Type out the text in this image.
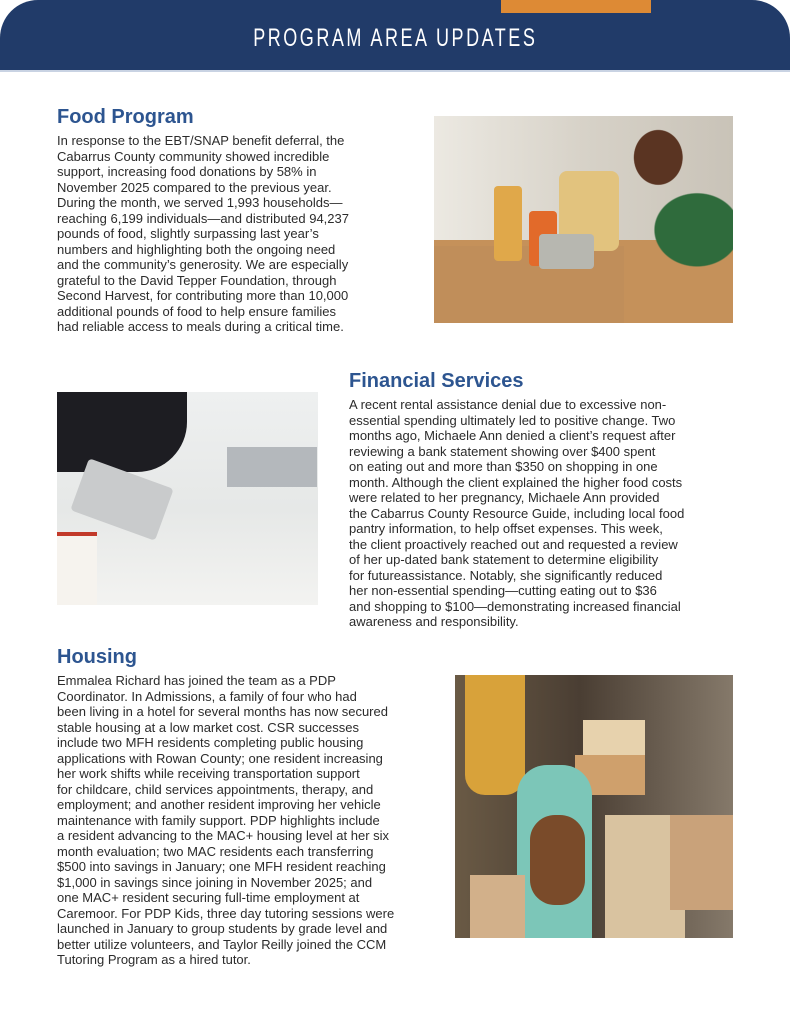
PROGRAM AREA UPDATES
Food Program
In response to the EBT/SNAP benefit deferral, the
Cabarrus County community showed incredible
support, increasing food donations by 58% in
November 2025 compared to the previous year.
During the month, we served 1,993 households—
reaching 6,199 individuals—and distributed 94,237
pounds of food, slightly surpassing last year’s
numbers and highlighting both the ongoing need
and the community’s generosity. We are especially
grateful to the David Tepper Foundation, through
Second Harvest, for contributing more than 10,000
additional pounds of food to help ensure families
had reliable access to meals during a critical time.
Financial Services
A recent rental assistance denial due to excessive non-
essential spending ultimately led to positive change. Two
months ago, Michaele Ann denied a client’s request after
reviewing a bank statement showing over $400 spent
on eating out and more than $350 on shopping in one
month. Although the client explained the higher food costs
were related to her pregnancy, Michaele Ann provided
the Cabarrus County Resource Guide, including local food
pantry information, to help offset expenses. This week,
the client proactively reached out and requested a review
of her up-dated bank statement to determine eligibility
for futureassistance. Notably, she significantly reduced
her non-essential spending—cutting eating out to $36
and shopping to $100—demonstrating increased financial
awareness and responsibility.
Housing
Emmalea Richard has joined the team as a PDP
Coordinator. In Admissions, a family of four who had
been living in a hotel for several months has now secured
stable housing at a low market cost. CSR successes
include two MFH residents completing public housing
applications with Rowan County; one resident increasing
her work shifts while receiving transportation support
for childcare, child services appointments, therapy, and
employment; and another resident improving her vehicle
maintenance with family support. PDP highlights include
a resident advancing to the MAC+ housing level at her six
month evaluation; two MAC residents each transferring
$500 into savings in January; one MFH resident reaching
$1,000 in savings since joining in November 2025; and
one MAC+ resident securing full-time employment at
Caremoor. For PDP Kids, three day tutoring sessions were
launched in January to group students by grade level and
better utilize volunteers, and Taylor Reilly joined the CCM
Tutoring Program as a hired tutor.
